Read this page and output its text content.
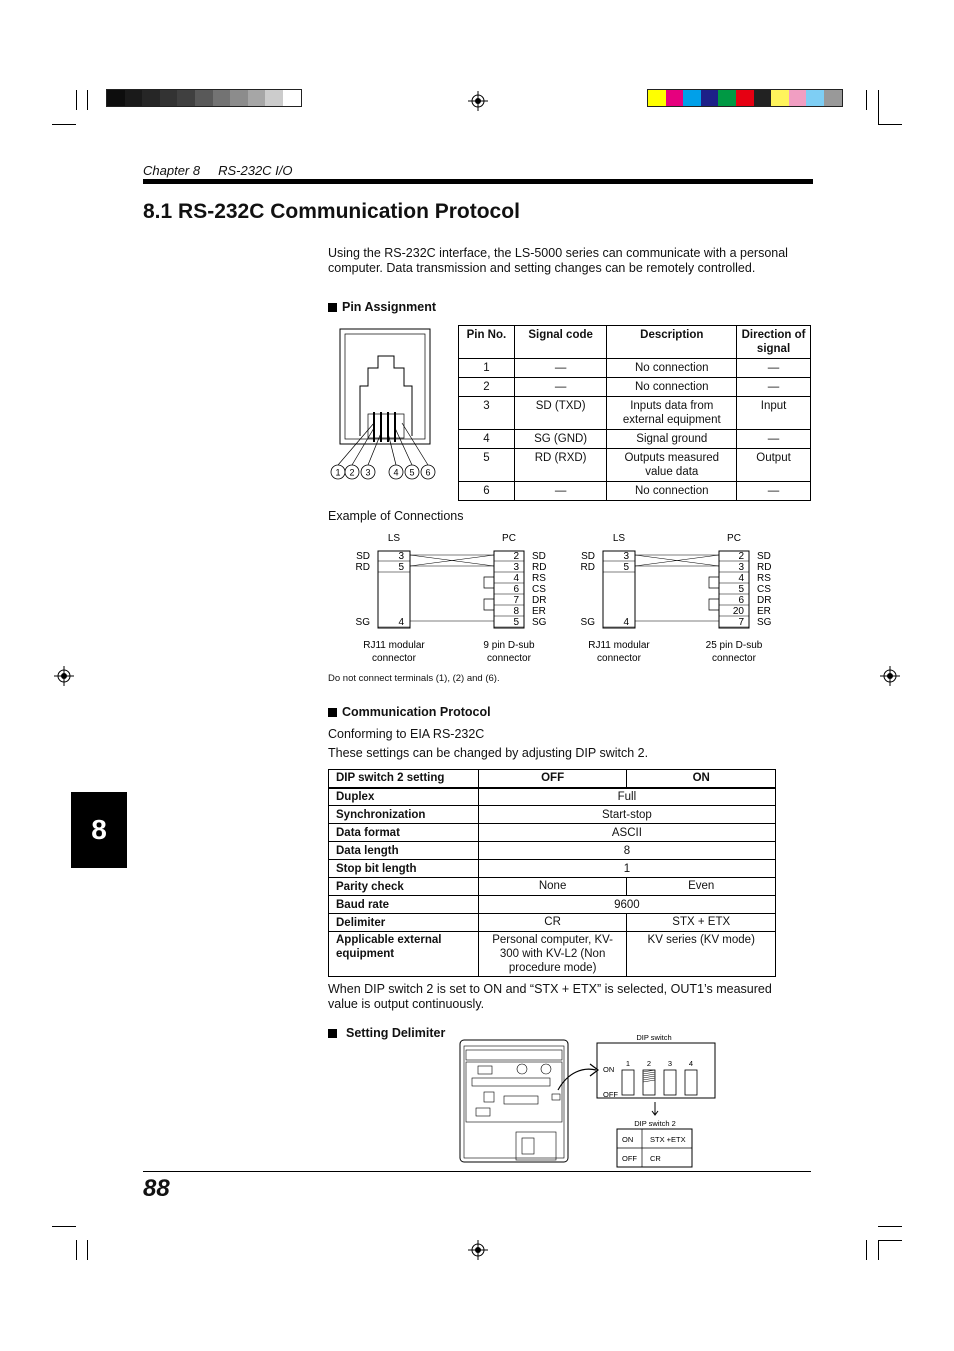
Chapter 8 RS-232C I/O
8.1 RS-232C Communication Protocol
Using the RS-232C interface, the LS-5000 series can communicate with a personal
computer. Data transmission and setting changes can be remotely controlled.
Pin Assignment
1 2 3	4 5 6
Pin No.	Signal code	Description	Direction of signal
1	—	No connection	—
2	—	No connection	—
3	SD (TXD)	Inputs data from external equipment	Input
4	SG (GND)	Signal ground	—
5	RD (RXD)	Outputs measured value data	Output
6	—	No connection	—
Example of Connections
LS	PC
SD	3
RD	5
SG	4
2 SD
3 RD
4 RS
6 CS
7 DR
8 ER
5 SG
RJ11 modular	9 pin D-sub
connector	connector
LS	PC
SD	3
RD	5
SG	4
2 SD
3 RD
4 RS
5 CS
6 DR
20 ER
7 SG
RJ11 modular	25 pin D-sub
connector	connector
Do not connect terminals (1), (2) and (6).
Communication Protocol
Conforming to EIA RS-232C
These settings can be changed by adjusting DIP switch 2.
DIP switch 2 setting	OFF	ON
Duplex	Full	
Synchronization	Start-stop	
Data format	ASCII	
Data length	8	
Stop bit length	1	
Parity check	None	Even
Baud rate	9600	
Delimiter	CR	STX + ETX
Applicable external equipment	Personal computer, KV-300 with KV-L2 (Non procedure mode)	KV series (KV mode)
When DIP switch 2 is set to ON and “STX + ETX” is selected, OUT1’s measured
value is output continuously.
Setting Delimiter	DIP switch
ON
OFF
1 2 3 4
DIP switch 2
ON STX +ETX
OFF CR
8
88
